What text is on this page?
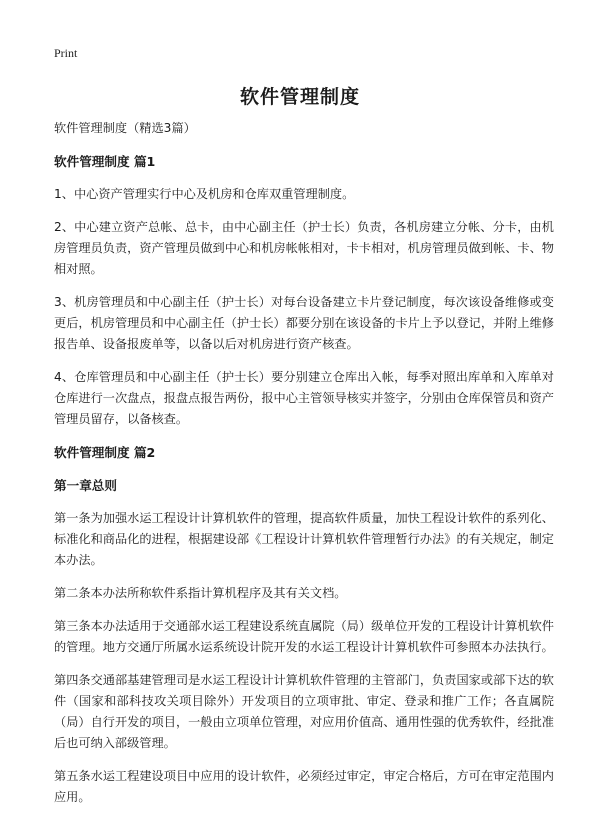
Print
软件管理制度

软件管理制度（精选3篇）

软件管理制度 篇1

1、中心资产管理实行中心及机房和仓库双重管理制度。

2、中心建立资产总帐、总卡，由中心副主任（护士长）负责，各机房建立分帐、分卡，由机房管理员负责，资产管理员做到中心和机房帐帐相对，卡卡相对，机房管理员做到帐、卡、物相对照。

3、机房管理员和中心副主任（护士长）对每台设备建立卡片登记制度，每次该设备维修或变更后，机房管理员和中心副主任（护士长）都要分别在该设备的卡片上予以登记，并附上维修报告单、设备报废单等，以备以后对机房进行资产核查。

4、仓库管理员和中心副主任（护士长）要分别建立仓库出入帐，每季对照出库单和入库单对仓库进行一次盘点，报盘点报告两份，报中心主管领导核实并签字，分别由仓库保管员和资产管理员留存，以备核查。

软件管理制度 篇2
第一章总则

第一条为加强水运工程设计计算机软件的管理，提高软件质量，加快工程设计软件的系列化、标准化和商品化的进程，根据建设部《工程设计计算机软件管理暂行办法》的有关规定，制定本办法。

第二条本办法所称软件系指计算机程序及其有关文档。

第三条本办法适用于交通部水运工程建设系统直属院（局）级单位开发的工程设计计算机软件的管理。地方交通厅所属水运系统设计院开发的水运工程设计计算机软件可参照本办法执行。

第四条交通部基建管理司是水运工程设计计算机软件管理的主管部门，负责国家或部下达的软件（国家和部科技攻关项目除外）开发项目的立项审批、审定、登录和推广工作；各直属院（局）自行开发的项目，一般由立项单位管理，对应用价值高、通用性强的优秀软件，经批准后也可纳入部级管理。

第五条水运工程建设项目中应用的设计软件，必须经过审定，审定合格后，方可在审定范围内应用。
